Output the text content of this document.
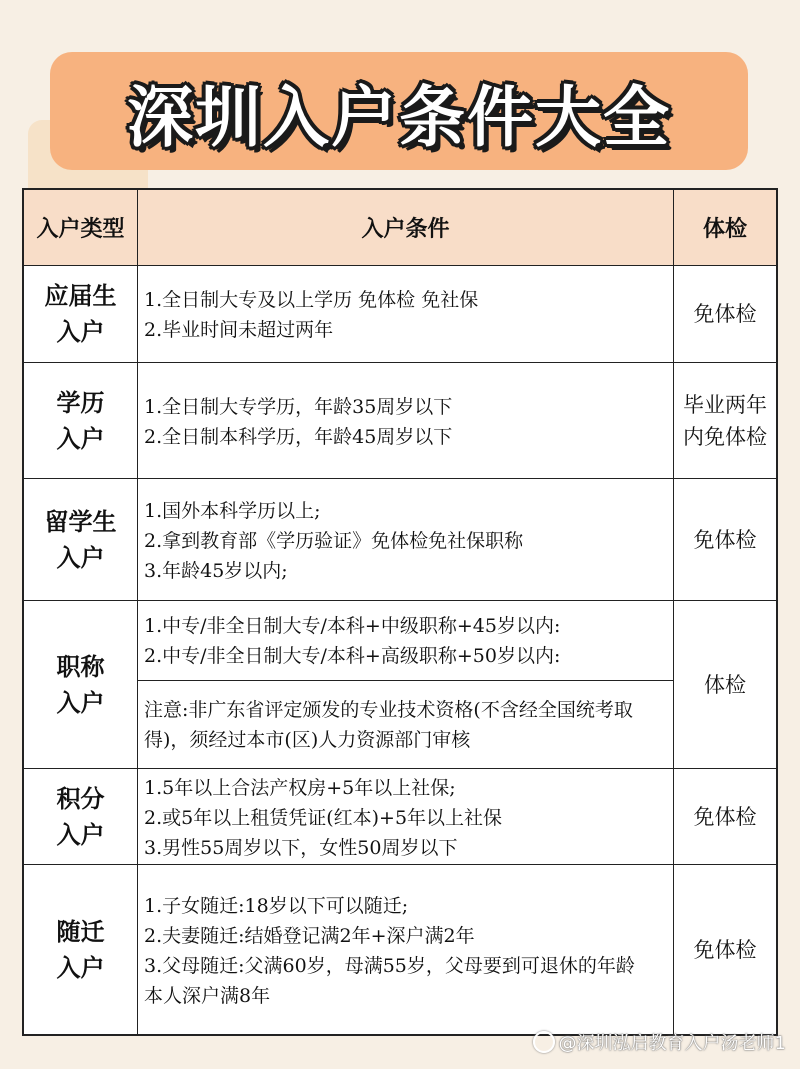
深圳入户条件大全
入户类型	入户条件	体检
应届生
入户
1.全日制大专及以上学历 免体检 免社保
2.毕业时间未超过两年
免体检
学历
入户
1.全日制大专学历，年龄35周岁以下
2.全日制本科学历，年龄45周岁以下
毕业两年
内免体检
留学生
入户
1.国外本科学历以上;
2.拿到教育部《学历验证》免体检免社保职称
3.年龄45岁以内;
免体检
职称
入户
1.中专/非全日制大专/本科+中级职称+45岁以内:
2.中专/非全日制大专/本科+高级职称+50岁以内:
注意:非广东省评定颁发的专业技术资格(不含经全国统考取得)，须经过本市(区)人力资源部门审核
体检
积分
入户
1.5年以上合法产权房+5年以上社保;
2.或5年以上租赁凭证(红本)+5年以上社保
3.男性55周岁以下，女性50周岁以下
免体检
随迁
入户
1.子女随迁:18岁以下可以随迁;
2.夫妻随迁:结婚登记满2年+深户满2年
3.父母随迁:父满60岁，母满55岁，父母要到可退休的年龄
本人深户满8年
免体检
@深圳泓启教育入户汤老师1
